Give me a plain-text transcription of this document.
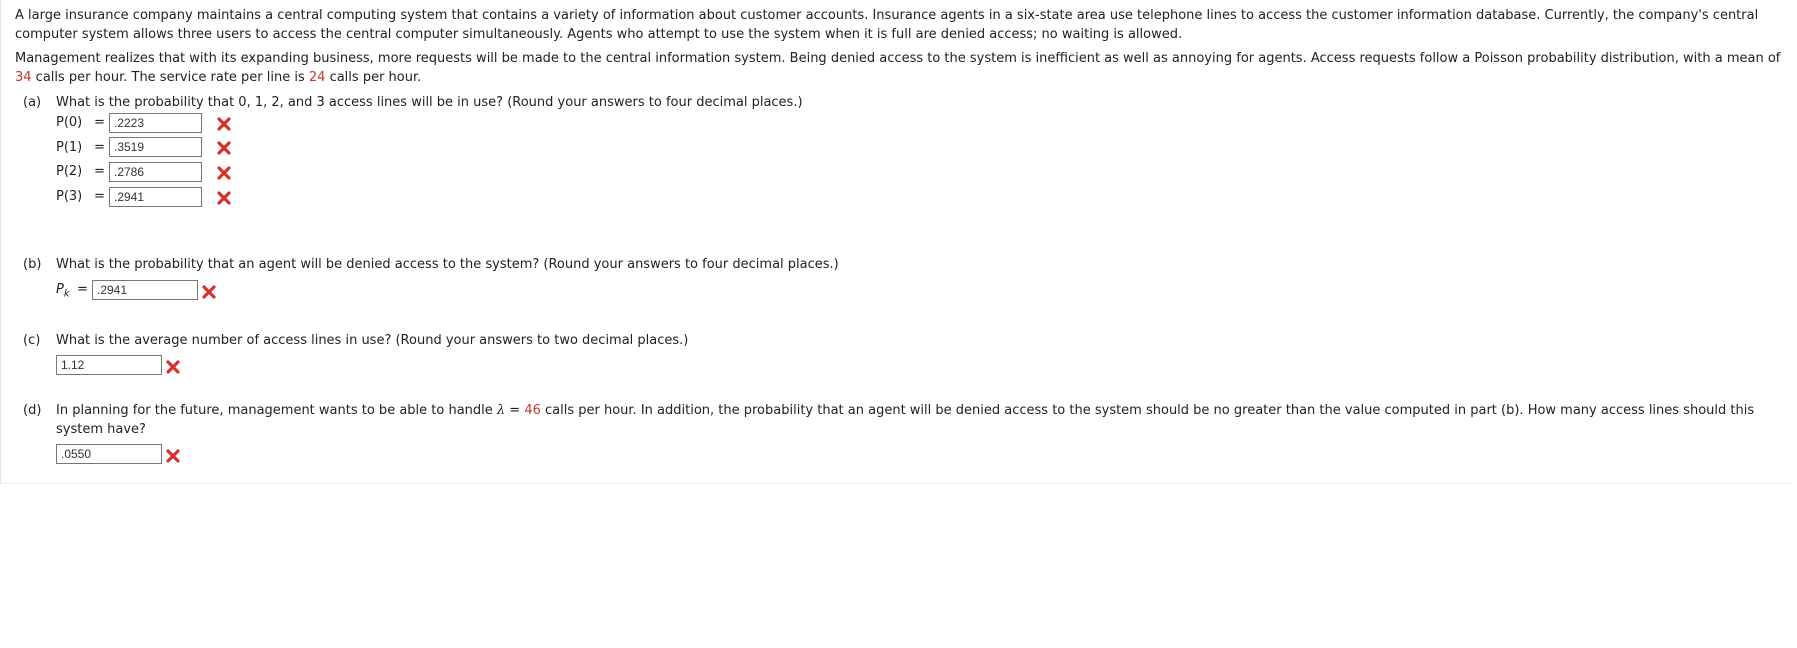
A large insurance company maintains a central computing system that contains a variety of information about customer accounts. Insurance agents in a six-state area use telephone lines to access the customer information database. Currently, the company's central
computer system allows three users to access the central computer simultaneously. Agents who attempt to use the system when it is full are denied access; no waiting is allowed.

Management realizes that with its expanding business, more requests will be made to the central information system. Being denied access to the system is inefficient as well as annoying for agents. Access requests follow a Poisson probability distribution, with a mean of
34 calls per hour. The service rate per line is 24 calls per hour.

(a) What is the probability that 0, 1, 2, and 3 access lines will be in use? (Round your answers to four decimal places.)
P(0) = .2223
P(1) = .3519
P(2) = .2786
P(3) = .2941
(b) What is the probability that an agent will be denied access to the system? (Round your answers to four decimal places.)
$P_k = .2941$
(c) What is the average number of access lines in use? (Round your answers to two decimal places.)
1.12
(d) In planning for the future, management wants to be able to handle λ = 46 calls per hour. In addition, the probability that an agent will be denied access to the system should be no greater than the value computed in part (b). How many access lines should this
system have?
.0550
